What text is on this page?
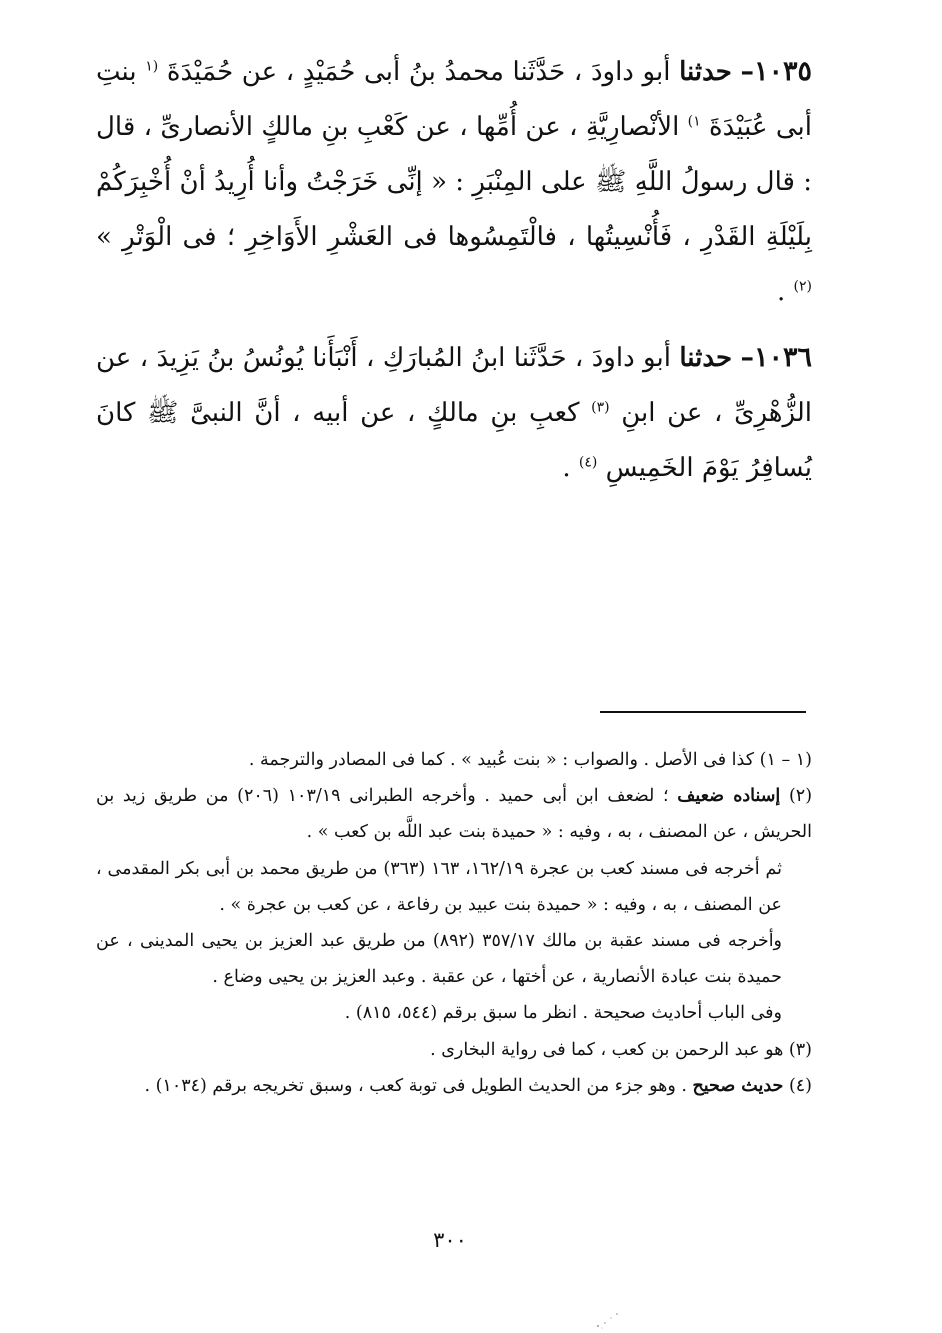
١٠٣٥– حدثنا أبو داودَ ، حَدَّثَنا محمدُ بنُ أبى حُمَيْدٍ ، عن حُمَيْدَةَ $^{(١}$ بنتِ أبى عُبَيْدَةَ $^{١)}$ الأنْصارِيَّةِ ، عن أُمِّها ، عن كَعْبِ بنِ مالكٍ الأنصارىِّ ، قال : قال رسولُ اللَّهِ ﷺ على المِنْبَرِ : « إنِّى خَرَجْتُ وأنا أُرِيدُ أنْ أُخْبِرَكُمْ بِلَيْلَةِ القَدْرِ ، فَأُنْسِيتُها ، فالْتَمِسُوها فى العَشْرِ الأَوَاخِرِ ؛ فى الْوَتْرِ » $^{(٢)}$ .

١٠٣٦– حدثنا أبو داودَ ، حَدَّثَنا ابنُ المُبارَكِ ، أَنْبَأَنا يُونُسُ بنُ يَزِيدَ ، عن الزُّهْرِىِّ ، عن ابنِ $^{(٣)}$ كعبِ بنِ مالكٍ ، عن أبيه ، أنَّ النبىَّ ﷺ كانَ يُسافِرُ يَوْمَ الخَمِيسِ $^{(٤)}$ .

(١ – ١) كذا فى الأصل . والصواب : « بنت عُبيد » . كما فى المصادر والترجمة .

(٢) إسناده ضعيف ؛ لضعف ابن أبى حميد . وأخرجه الطبرانى ١٠٣/١٩ (٢٠٦) من طريق زيد بن الحريش ، عن المصنف ، به ، وفيه : « حميدة بنت عبد اللَّه بن كعب » .

ثم أخرجه فى مسند كعب بن عجرة ١٦٢/١٩، ١٦٣ (٣٦٣) من طريق محمد بن أبى بكر المقدمى ، عن المصنف ، به ، وفيه : « حميدة بنت عبيد بن رفاعة ، عن كعب بن عجرة » .

وأخرجه فى مسند عقبة بن مالك ٣٥٧/١٧ (٨٩٢) من طريق عبد العزيز بن يحيى المدينى ، عن حميدة بنت عبادة الأنصارية ، عن أختها ، عن عقبة . وعبد العزيز بن يحيى وضاع .

وفى الباب أحاديث صحيحة . انظر ما سبق برقم (٥٤٤، ٨١٥) .

(٣) هو عبد الرحمن بن كعب ، كما فى رواية البخارى .

(٤) حديث صحيح . وهو جزء من الحديث الطويل فى توبة كعب ، وسبق تخريجه برقم (١٠٣٤) .

٣٠٠
